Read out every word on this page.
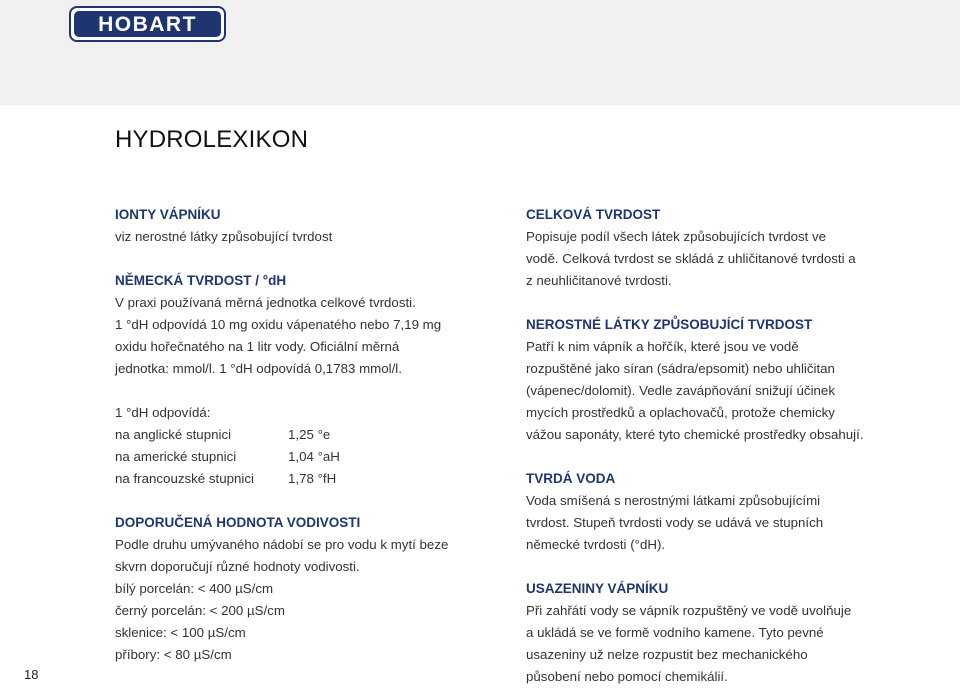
HOBART
HYDROLEXIKON

IONTY VÁPNÍKU

viz nerostné látky způsobující tvrdost

NĚMECKÁ TVRDOST / °dH

V praxi používaná měrná jednotka celkové tvrdosti.

1 °dH odpovídá 10 mg oxidu vápenatého nebo 7,19 mg

oxidu hořečnatého na 1 litr vody. Oficiální měrná

jednotka: mmol/l. 1 °dH odpovídá 0,1783 mmol/l.

1 °dH odpovídá:

na anglické stupnici	1,25 °e
na americké stupnici	1,04 °aH
na francouzské stupnici	1,78 °fH

DOPORUČENÁ HODNOTA VODIVOSTI

Podle druhu umývaného nádobí se pro vodu k mytí beze

skvrn doporučují různé hodnoty vodivosti.

bílý porcelán: < 400 µS/cm

černý porcelán: < 200 µS/cm

sklenice: < 100 µS/cm

příbory: < 80 µS/cm

CELKOVÁ TVRDOST

Popisuje podíl všech látek způsobujících tvrdost ve

vodě. Celková tvrdost se skládá z uhličitanové tvrdosti a

z neuhličitanové tvrdosti.

NEROSTNÉ LÁTKY ZPŮSOBUJÍCÍ TVRDOST

Patří k nim vápník a hořčík, které jsou ve vodě

rozpuštěné jako síran (sádra/epsomit) nebo uhličitan

(vápenec/dolomit). Vedle zavápňování snižují účinek

mycích prostředků a oplachovačů, protože chemicky

vážou saponáty, které tyto chemické prostředky obsahují.

TVRDÁ VODA

Voda smíšená s nerostnými látkami způsobujícími

tvrdost. Stupeň tvrdosti vody se udává ve stupních

německé tvrdosti (°dH).

USAZENINY VÁPNÍKU

Při zahřátí vody se vápník rozpuštěný ve vodě uvolňuje

a ukládá se ve formě vodního kamene. Tyto pevné

usazeniny už nelze rozpustit bez mechanického

působení nebo pomocí chemikálií.

18
